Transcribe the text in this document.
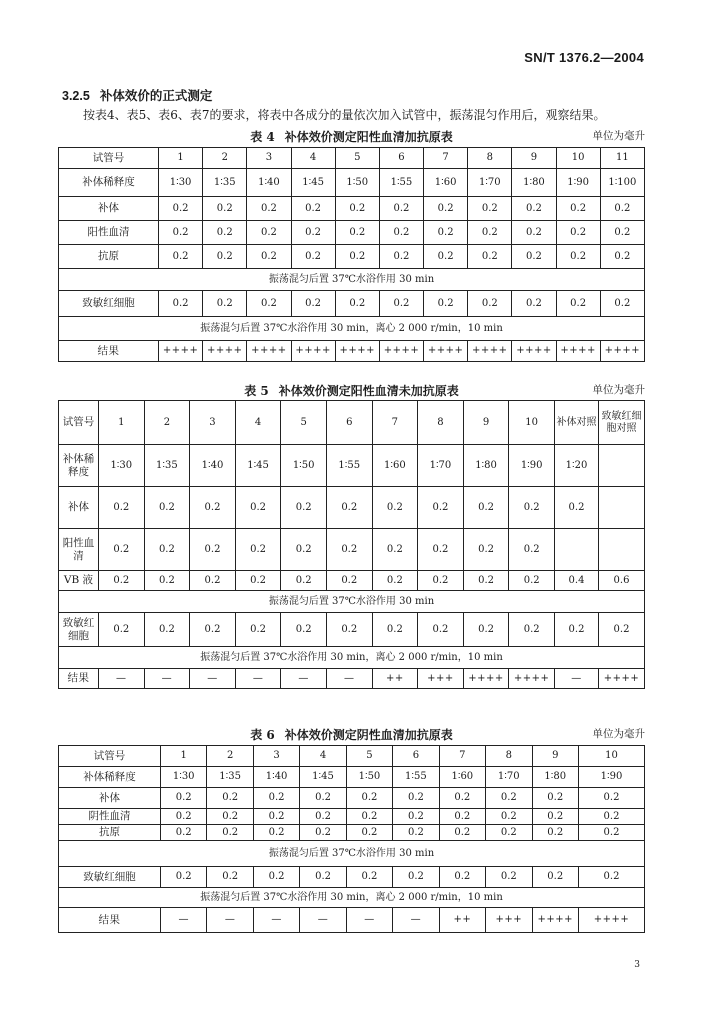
SN/T 1376.2—2004
3.2.5 补体效价的正式测定
按表4、表5、表6、表7的要求，将表中各成分的量依次加入试管中，振荡混匀作用后，观察结果。
表 4 补体效价测定阳性血清加抗原表	单位为毫升
试管号	1	2	3	4	5	6	7	8	9	10	11
补体稀释度	1∶30	1∶35	1∶40	1∶45	1∶50	1∶55	1∶60	1∶70	1∶80	1∶90	1∶100
补体	0.2	0.2	0.2	0.2	0.2	0.2	0.2	0.2	0.2	0.2	0.2
阳性血清	0.2	0.2	0.2	0.2	0.2	0.2	0.2	0.2	0.2	0.2	0.2
抗原	0.2	0.2	0.2	0.2	0.2	0.2	0.2	0.2	0.2	0.2	0.2
振荡混匀后置 37℃水浴作用 30 min											
致敏红细胞	0.2	0.2	0.2	0.2	0.2	0.2	0.2	0.2	0.2	0.2	0.2
振荡混匀后置 37℃水浴作用 30 min，离心 2 000 r/min，10 min											
结果	++++	++++	++++	++++	++++	++++	++++	++++	++++	++++	++++
表 5 补体效价测定阳性血清未加抗原表	单位为毫升
试管号	1	2	3	4	5	6	7	8	9	10	补体对照	致敏红细胞对照
补体稀释度	1∶30	1∶35	1∶40	1∶45	1∶50	1∶55	1∶60	1∶70	1∶80	1∶90	1∶20	
补体	0.2	0.2	0.2	0.2	0.2	0.2	0.2	0.2	0.2	0.2	0.2	
阳性血清	0.2	0.2	0.2	0.2	0.2	0.2	0.2	0.2	0.2	0.2		
VB 液	0.2	0.2	0.2	0.2	0.2	0.2	0.2	0.2	0.2	0.2	0.4	0.6
振荡混匀后置 37℃水浴作用 30 min												
致敏红细胞	0.2	0.2	0.2	0.2	0.2	0.2	0.2	0.2	0.2	0.2	0.2	0.2
振荡混匀后置 37℃水浴作用 30 min，离心 2 000 r/min，10 min												
结果	—	—	—	—	—	—	++	+++	++++	++++	—	++++
表 6 补体效价测定阴性血清加抗原表	单位为毫升
试管号	1	2	3	4	5	6	7	8	9	10
补体稀释度	1∶30	1∶35	1∶40	1∶45	1∶50	1∶55	1∶60	1∶70	1∶80	1∶90
补体	0.2	0.2	0.2	0.2	0.2	0.2	0.2	0.2	0.2	0.2
阴性血清	0.2	0.2	0.2	0.2	0.2	0.2	0.2	0.2	0.2	0.2
抗原	0.2	0.2	0.2	0.2	0.2	0.2	0.2	0.2	0.2	0.2
振荡混匀后置 37℃水浴作用 30 min										
致敏红细胞	0.2	0.2	0.2	0.2	0.2	0.2	0.2	0.2	0.2	0.2
振荡混匀后置 37℃水浴作用 30 min，离心 2 000 r/min，10 min										
结果	—	—	—	—	—	—	++	+++	++++	++++
3
